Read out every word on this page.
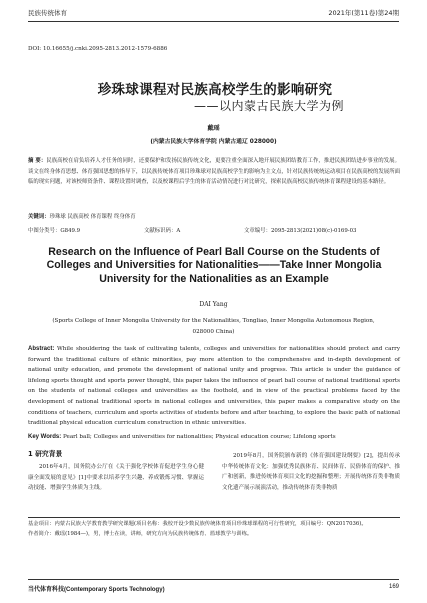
民族传统体育	2021年(第11卷)第24期
DOI: 10.16655/j.cnki.2095-2813.2012-1579-6886
珍珠球课程对民族高校学生的影响研究
——以内蒙古民族大学为例
戴瑶
(内蒙古民族大学体育学院 内蒙古通辽 028000)
摘 要：民族高校在肩负培养人才任务的同时，还要保护和发扬民族传统文化，更要注重全面深入地开展民族团结教育工作，推进民族团结进步事业的发展。谈文在终身体育思想、体育强国思想的指导下，以民族传统体育项目珍珠球对民族高校学生的影响为主文点，针对民族传统统运动项目在民族高校的发展所面临的现实问题，对该校师资条件、课程设置时调查，以及校课程后学生的体育活动情况进行对比研究，探索民族高校民族传统体育课程建设的基本路径。
关键词：珍珠球 民族高校 体育课程 终身体育
中图分类号：G849.9	文献标识码：A	文章编号：2095-2813(2021)08(c)-0169-03
Research on the Influence of Pearl Ball Course on the Students of Colleges and Universities for Nationalities——Take Inner Mongolia University for the Nationalities as an Example
DAI Yang
(Sports College of Inner Mongolia University for the Nationalities, Tongliao, Inner Mongolia Autonomous Region, 028000 China)
Abstract: While shouldering the task of cultivating talents, colleges and universities for nationalities should protect and carry forward the traditional culture of ethnic minorities, pay more attention to the comprehensive and in-depth development of national unity education, and promote the development of national unity and progress. This article is under the guidance of lifelong sports thought and sports power thought, this paper takes the influence of pearl ball course of national traditional sports on the students of national colleges and universities as the foothold, and in view of the practical problems faced by the development of national traditional sports in national colleges and universities, this paper makes a comparative study on the conditions of teachers, curriculum and sports activities of students before and after teaching, to explore the basic path of national traditional physical education curriculum construction in ethnic universities.
Key Words: Pearl ball; Colleges and universities for nationalities; Physical education course; Lifelong sports
1 研究背景
2016年4月，国务院办公厅在《关于强化学校体育促进学生身心健康全面发展的意见》[1]中要求以培养学生兴趣、养成锻炼习惯、掌握运动技能、增强学生体质为主线。
2019年8月，国务院颁布新的《体育强国建设纲要》[2]，提出传承中华传统体育文化：加强优秀民族体育、民间体育、民俗体育的保护、推广和创新，推进传统体育项目文化的挖掘和整理；开展传统体育类非物质文化遗产展示展演活动，推动传统体育类非物质

基金项目：内蒙古民族大学教育教学研究课题(项目名称：我校开设少数民族传统体育项目珍珠球课程的可行性研究，项目编号：QN2017036)。

作者简介：戴瑶(1984—)，男，博士在读，讲师，研究方向为民族传统体育、篮球教学与训练。

当代体育科技(Contemporary Sports Technology)	169
